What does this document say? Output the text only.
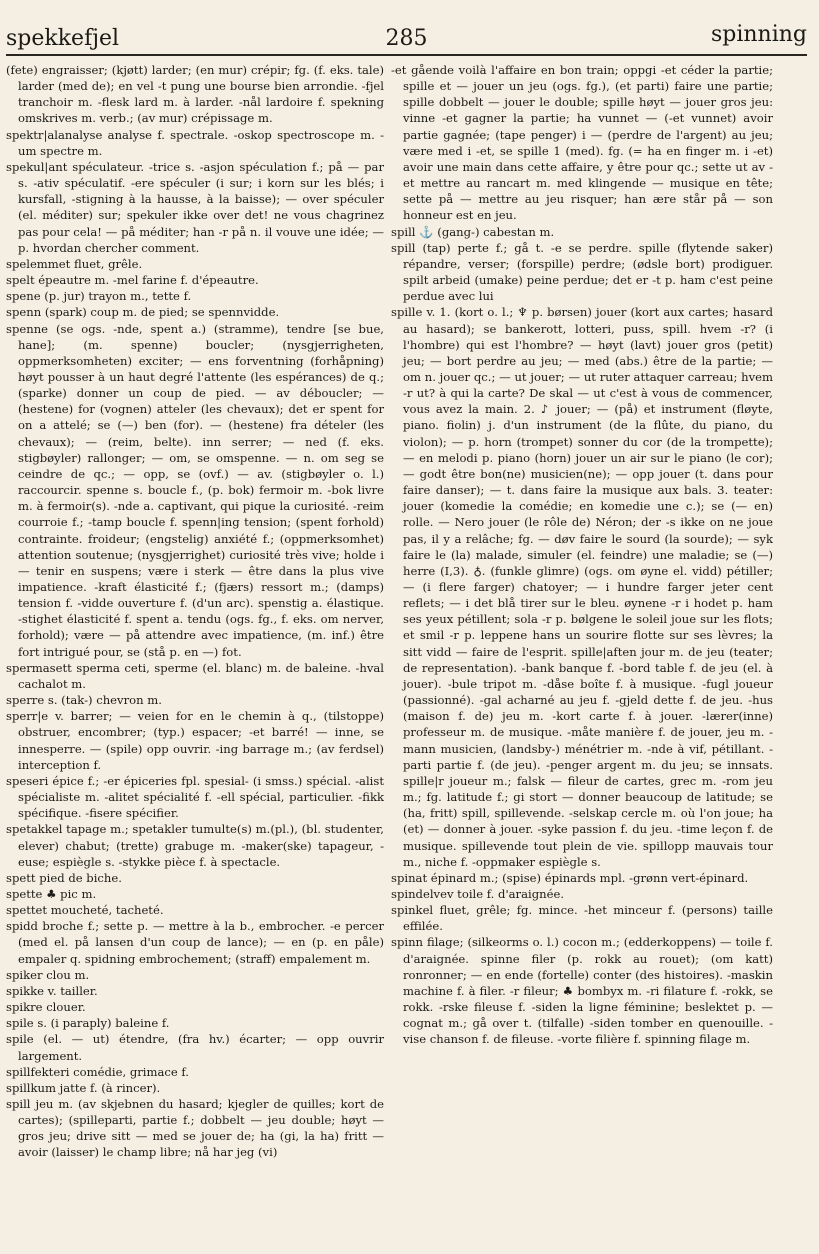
spekkefjel	285	spinning

(fete) engraisser; (kjøtt) larder; (en mur) crépir; fg. (f. eks. tale) larder (med de); en vel -t pung une bourse bien arrondie. -fjel tranchoir m. -flesk lard m. à larder. -nål lardoire f. spekning omskrives m. verb.; (av mur) crépissage m.

spektr|alanalyse analyse f. spectrale. -oskop spectroscope m. -um spectre m.

spekul|ant spéculateur. -trice s. -asjon spéculation f.; på — par s. -ativ spéculatif. -ere spéculer (i sur; i korn sur les blés; i kursfall, -stigning à la hausse, à la baisse); — over spéculer (el. méditer) sur; spekuler ikke over det! ne vous chagrinez pas pour cela! — på méditer; han -r på n. il vouve une idée; — p. hvordan chercher comment.

spelemmet fluet, grêle.

spelt épeautre m. -mel farine f. d'épeautre.

spene (p. jur) trayon m., tette f.

spenn (spark) coup m. de pied; se spennvidde.

spenne (se ogs. -nde, spent a.) (stramme), tendre [se bue, hane]; (m. spenne) boucler; (nysgjerrigheten, oppmerksomheten) exciter; — ens forventning (forhåpning) høyt pousser à un haut degré l'attente (les espérances) de q.; (sparke) donner un coup de pied. — av déboucler; — (hestene) for (vognen) atteler (les chevaux); det er spent for on a attelé; se (—) ben (for). — (hestene) fra dételer (les chevaux); — (reim, belte). inn serrer; — ned (f. eks. stigbøyler) rallonger; — om, se omspenne. — n. om seg se ceindre de qc.; — opp, se (ovf.) — av. (stigbøyler o. l.) raccourcir. spenne s. boucle f., (p. bok) fermoir m. -bok livre m. à fermoir(s). -nde a. captivant, qui pique la curiosité. -reim courroie f.; -tamp boucle f. spenn|ing tension; (spent forhold) contrainte. froideur; (engstelig) anxiété f.; (oppmerksomhet) attention soutenue; (nysgjerrighet) curiosité très vive; holde i — tenir en suspens; være i sterk — être dans la plus vive impatience. -kraft élasticité f.; (fjærs) ressort m.; (damps) tension f. -vidde ouverture f. (d'un arc). spenstig a. élastique. -stighet élasticité f. spent a. tendu (ogs. fg., f. eks. om nerver, forhold); være — på attendre avec impatience, (m. inf.) être fort intrigué pour, se (stå p. en —) fot.

spermasett sperma ceti, sperme (el. blanc) m. de baleine. -hval cachalot m.

sperre s. (tak-) chevron m.

sperr|e v. barrer; — veien for en le chemin à q., (tilstoppe) obstruer, encombrer; (typ.) espacer; -et barré! — inne, se innesperre. — (spile) opp ouvrir. -ing barrage m.; (av ferdsel) interception f.

speseri épice f.; -er épiceries fpl. spesial- (i smss.) spécial. -alist spécialiste m. -alitet spécialité f. -ell spécial, particulier. -fikk spécifique. -fisere spécifier.

spetakkel tapage m.; spetakler tumulte(s) m.(pl.), (bl. studenter, elever) chabut; (trette) grabuge m. -maker(ske) tapageur, -euse; espiègle s. -stykke pièce f. à spectacle.

spett pied de biche.

spette ♣ pic m.

spettet moucheté, tacheté.

spidd broche f.; sette p. — mettre à la b., embrocher. -e percer (med el. på lansen d'un coup de lance); — en (p. en påle) empaler q. spidning embrochement; (straff) empalement m.

spiker clou m.

spikke v. tailler.

spikre clouer.

spile s. (i paraply) baleine f.

spile (el. — ut) étendre, (fra hv.) écarter; — opp ouvrir largement.

spillfekteri comédie, grimace f.

spillkum jatte f. (à rincer).

spill jeu m. (av skjebnen du hasard; kjegler de quilles; kort de cartes); (spilleparti, partie f.; dobbelt — jeu double; høyt — gros jeu; drive sitt — med se jouer de; ha (gi, la ha) fritt — avoir (laisser) le champ libre; nå har jeg (vi)

-et gående voilà l'affaire en bon train; oppgi -et céder la partie; spille et — jouer un jeu (ogs. fg.), (et parti) faire une partie; spille dobbelt — jouer le double; spille høyt — jouer gros jeu: vinne -et gagner la partie; ha vunnet — (-et vunnet) avoir partie gagnée; (tape penger) i — (perdre de l'argent) au jeu; være med i -et, se spille 1 (med). fg. (= ha en finger m. i -et) avoir une main dans cette affaire, y être pour qc.; sette ut av -et mettre au rancart m. med klingende — musique en tête; sette på — mettre au jeu risquer; han ære står på — son honneur est en jeu.

spill ⚓ (gang-) cabestan m.

spill (tap) perte f.; gå t. -e se perdre. spille (flytende saker) répandre, verser; (forspille) perdre; (ødsle bort) prodiguer. spilt arbeid (umake) peine perdue; det er -t p. ham c'est peine perdue avec lui

spille v. 1. (kort o. l.; ♆ p. børsen) jouer (kort aux cartes; hasard au hasard); se bankerott, lotteri, puss, spill. hvem -r? (i l'hombre) qui est l'hombre? — høyt (lavt) jouer gros (petit) jeu; — bort perdre au jeu; — med (abs.) être de la partie; — om n. jouer qc.; — ut jouer; — ut ruter attaquer carreau; hvem -r ut? à qui la carte? De skal — ut c'est à vous de commencer, vous avez la main. 2. ♪ jouer; — (på) et instrument (fløyte, piano. fiolin) j. d'un instrument (de la flûte, du piano, du violon); — p. horn (trompet) sonner du cor (de la trompette); — en melodi p. piano (horn) jouer un air sur le piano (le cor); — godt être bon(ne) musicien(ne); — opp jouer (t. dans pour faire danser); — t. dans faire la musique aux bals. 3. teater: jouer (komedie la comédie; en komedie une c.); se (— en) rolle. — Nero jouer (le rôle de) Néron; der -s ikke on ne joue pas, il y a relâche; fg. — døv faire le sourd (la sourde); — syk faire le (la) malade, simuler (el. feindre) une maladie; se (—) herre (I,3). ♁. (funkle glimre) (ogs. om øyne el. vidd) pétiller; — (i flere farger) chatoyer; — i hundre farger jeter cent reflets; — i det blå tirer sur le bleu. øynene -r i hodet p. ham ses yeux pétillent; sola -r p. bølgene le soleil joue sur les flots; et smil -r p. leppene hans un sourire flotte sur ses lèvres; la sitt vidd — faire de l'esprit. spille|aften jour m. de jeu (teater; de representation). -bank banque f. -bord table f. de jeu (el. à jouer). -bule tripot m. -dåse boîte f. à musique. -fugl joueur (passionné). -gal acharné au jeu f. -gjeld dette f. de jeu. -hus (maison f. de) jeu m. -kort carte f. à jouer. -lærer(inne) professeur m. de musique. -måte manière f. de jouer, jeu m. -mann musicien, (landsby-) ménétrier m. -nde à vif, pétillant. -parti partie f. (de jeu). -penger argent m. du jeu; se innsats. spille|r joueur m.; falsk — fileur de cartes, grec m. -rom jeu m.; fg. latitude f.; gi stort — donner beaucoup de latitude; se (ha, fritt) spill, spillevende. -selskap cercle m. où l'on joue; ha (et) — donner à jouer. -syke passion f. du jeu. -time leçon f. de musique. spillevende tout plein de vie. spillopp mauvais tour m., niche f. -oppmaker espiègle s.

spinat épinard m.; (spise) épinards mpl. -grønn vert-épinard.

spindelvev toile f. d'araignée.

spinkel fluet, grêle; fg. mince. -het minceur f. (persons) taille effilée.

spinn filage; (silkeorms o. l.) cocon m.; (edderkoppens) — toile f. d'araignée. spinne filer (p. rokk au rouet); (om katt) ronronner; — en ende (fortelle) conter (des histoires). -maskin machine f. à filer. -r fileur; ♣ bombyx m. -ri filature f. -rokk, se rokk. -rske fileuse f. -siden la ligne féminine; beslektet p. — cognat m.; gå over t. (tilfalle) -siden tomber en quenouille. -vise chanson f. de fileuse. -vorte filière f. spinning filage m.
